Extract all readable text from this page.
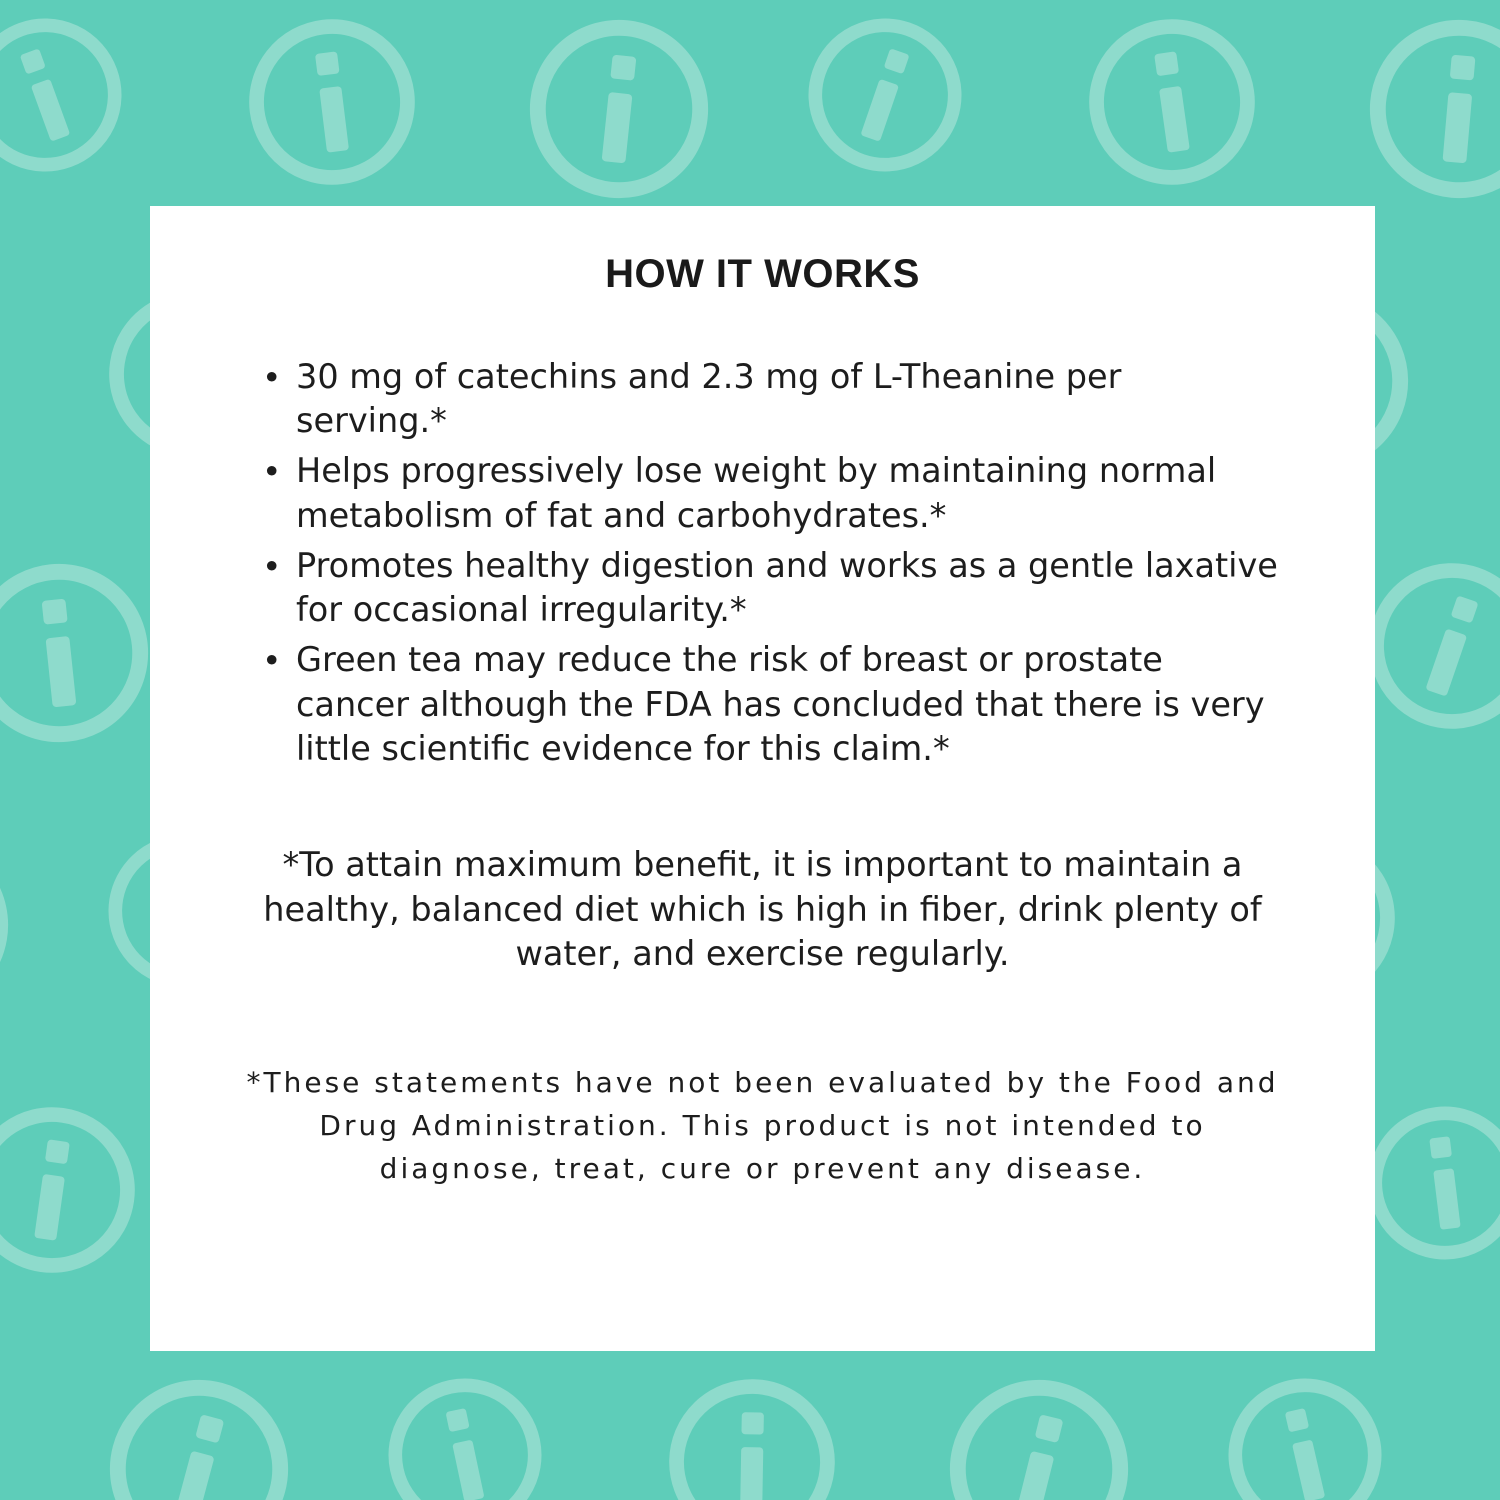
HOW IT WORKS
• 30 mg of catechins and 2.3 mg of L-Theanine per serving.*
• Helps progressively lose weight by maintaining normal metabolism of fat and carbohydrates.*
• Promotes healthy digestion and works as a gentle laxative for occasional irregularity.*
• Green tea may reduce the risk of breast or prostate cancer although the FDA has concluded that there is very little scientific evidence for this claim.*
*To attain maximum benefit, it is important to maintain a healthy, balanced diet which is high in fiber, drink plenty of water, and exercise regularly.
*These statements have not been evaluated by the Food and Drug Administration. This product is not intended to diagnose, treat, cure or prevent any disease.
